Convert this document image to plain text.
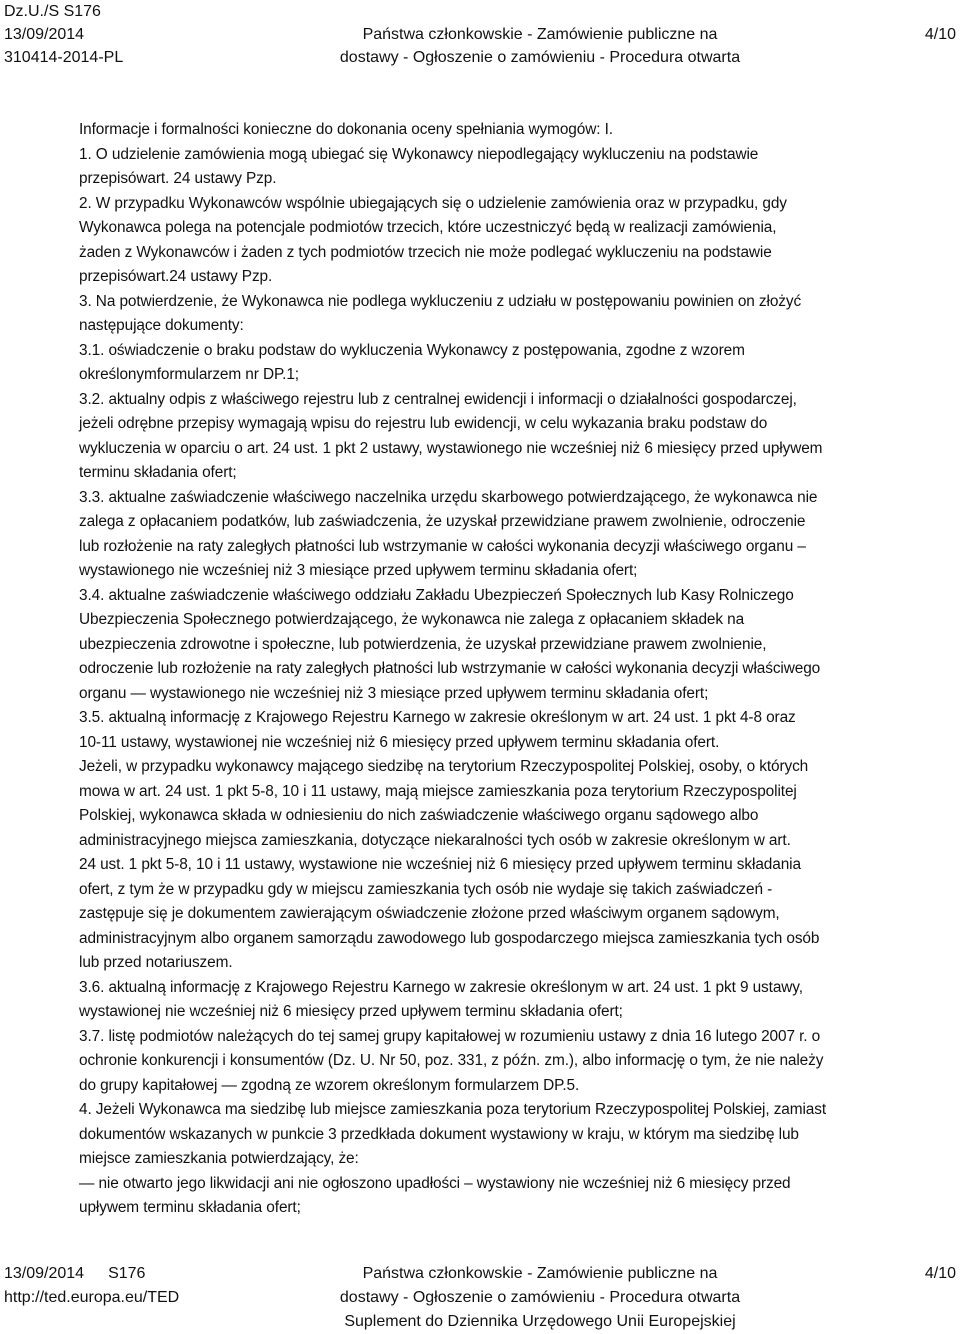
Dz.U./S S176
13/09/2014
310414-2014-PL
Państwa członkowskie - Zamówienie publiczne na
dostawy - Ogłoszenie o zamówieniu - Procedura otwarta
4/10
Informacje i formalności konieczne do dokonania oceny spełniania wymogów: I.
1. O udzielenie zamówienia mogą ubiegać się Wykonawcy niepodlegający wykluczeniu na podstawie
przepisówart. 24 ustawy Pzp.
2. W przypadku Wykonawców wspólnie ubiegających się o udzielenie zamówienia oraz w przypadku, gdy
Wykonawca polega na potencjale podmiotów trzecich, które uczestniczyć będą w realizacji zamówienia,
żaden z Wykonawców i żaden z tych podmiotów trzecich nie może podlegać wykluczeniu na podstawie
przepisówart.24 ustawy Pzp.
3. Na potwierdzenie, że Wykonawca nie podlega wykluczeniu z udziału w postępowaniu powinien on złożyć
następujące dokumenty:
3.1. oświadczenie o braku podstaw do wykluczenia Wykonawcy z postępowania, zgodne z wzorem
określonymformularzem nr DP.1;
3.2. aktualny odpis z właściwego rejestru lub z centralnej ewidencji i informacji o działalności gospodarczej,
jeżeli odrębne przepisy wymagają wpisu do rejestru lub ewidencji, w celu wykazania braku podstaw do
wykluczenia w oparciu o art. 24 ust. 1 pkt 2 ustawy, wystawionego nie wcześniej niż 6 miesięcy przed upływem
terminu składania ofert;
3.3. aktualne zaświadczenie właściwego naczelnika urzędu skarbowego potwierdzającego, że wykonawca nie
zalega z opłacaniem podatków, lub zaświadczenia, że uzyskał przewidziane prawem zwolnienie, odroczenie
lub rozłożenie na raty zaległych płatności lub wstrzymanie w całości wykonania decyzji właściwego organu –
wystawionego nie wcześniej niż 3 miesiące przed upływem terminu składania ofert;
3.4. aktualne zaświadczenie właściwego oddziału Zakładu Ubezpieczeń Społecznych lub Kasy Rolniczego
Ubezpieczenia Społecznego potwierdzającego, że wykonawca nie zalega z opłacaniem składek na
ubezpieczenia zdrowotne i społeczne, lub potwierdzenia, że uzyskał przewidziane prawem zwolnienie,
odroczenie lub rozłożenie na raty zaległych płatności lub wstrzymanie w całości wykonania decyzji właściwego
organu — wystawionego nie wcześniej niż 3 miesiące przed upływem terminu składania ofert;
3.5. aktualną informację z Krajowego Rejestru Karnego w zakresie określonym w art. 24 ust. 1 pkt 4-8 oraz
10-11 ustawy, wystawionej nie wcześniej niż 6 miesięcy przed upływem terminu składania ofert.
Jeżeli, w przypadku wykonawcy mającego siedzibę na terytorium Rzeczypospolitej Polskiej, osoby, o których
mowa w art. 24 ust. 1 pkt 5-8, 10 i 11 ustawy, mają miejsce zamieszkania poza terytorium Rzeczypospolitej
Polskiej, wykonawca składa w odniesieniu do nich zaświadczenie właściwego organu sądowego albo
administracyjnego miejsca zamieszkania, dotyczące niekaralności tych osób w zakresie określonym w art.
24 ust. 1 pkt 5-8, 10 i 11 ustawy, wystawione nie wcześniej niż 6 miesięcy przed upływem terminu składania
ofert, z tym że w przypadku gdy w miejscu zamieszkania tych osób nie wydaje się takich zaświadczeń -
zastępuje się je dokumentem zawierającym oświadczenie złożone przed właściwym organem sądowym,
administracyjnym albo organem samorządu zawodowego lub gospodarczego miejsca zamieszkania tych osób
lub przed notariuszem.
3.6. aktualną informację z Krajowego Rejestru Karnego w zakresie określonym w art. 24 ust. 1 pkt 9 ustawy,
wystawionej nie wcześniej niż 6 miesięcy przed upływem terminu składania ofert;
3.7. listę podmiotów należących do tej samej grupy kapitałowej w rozumieniu ustawy z dnia 16 lutego 2007 r. o
ochronie konkurencji i konsumentów (Dz. U. Nr 50, poz. 331, z późn. zm.), albo informację o tym, że nie należy
do grupy kapitałowej — zgodną ze wzorem określonym formularzem DP.5.
4. Jeżeli Wykonawca ma siedzibę lub miejsce zamieszkania poza terytorium Rzeczypospolitej Polskiej, zamiast
dokumentów wskazanych w punkcie 3 przedkłada dokument wystawiony w kraju, w którym ma siedzibę lub
miejsce zamieszkania potwierdzający, że:
— nie otwarto jego likwidacji ani nie ogłoszono upadłości – wystawiony nie wcześniej niż 6 miesięcy przed
upływem terminu składania ofert;
13/09/2014 S176
http://ted.europa.eu/TED
Państwa członkowskie - Zamówienie publiczne na
dostawy - Ogłoszenie o zamówieniu - Procedura otwarta
Suplement do Dziennika Urzędowego Unii Europejskiej
4/10
